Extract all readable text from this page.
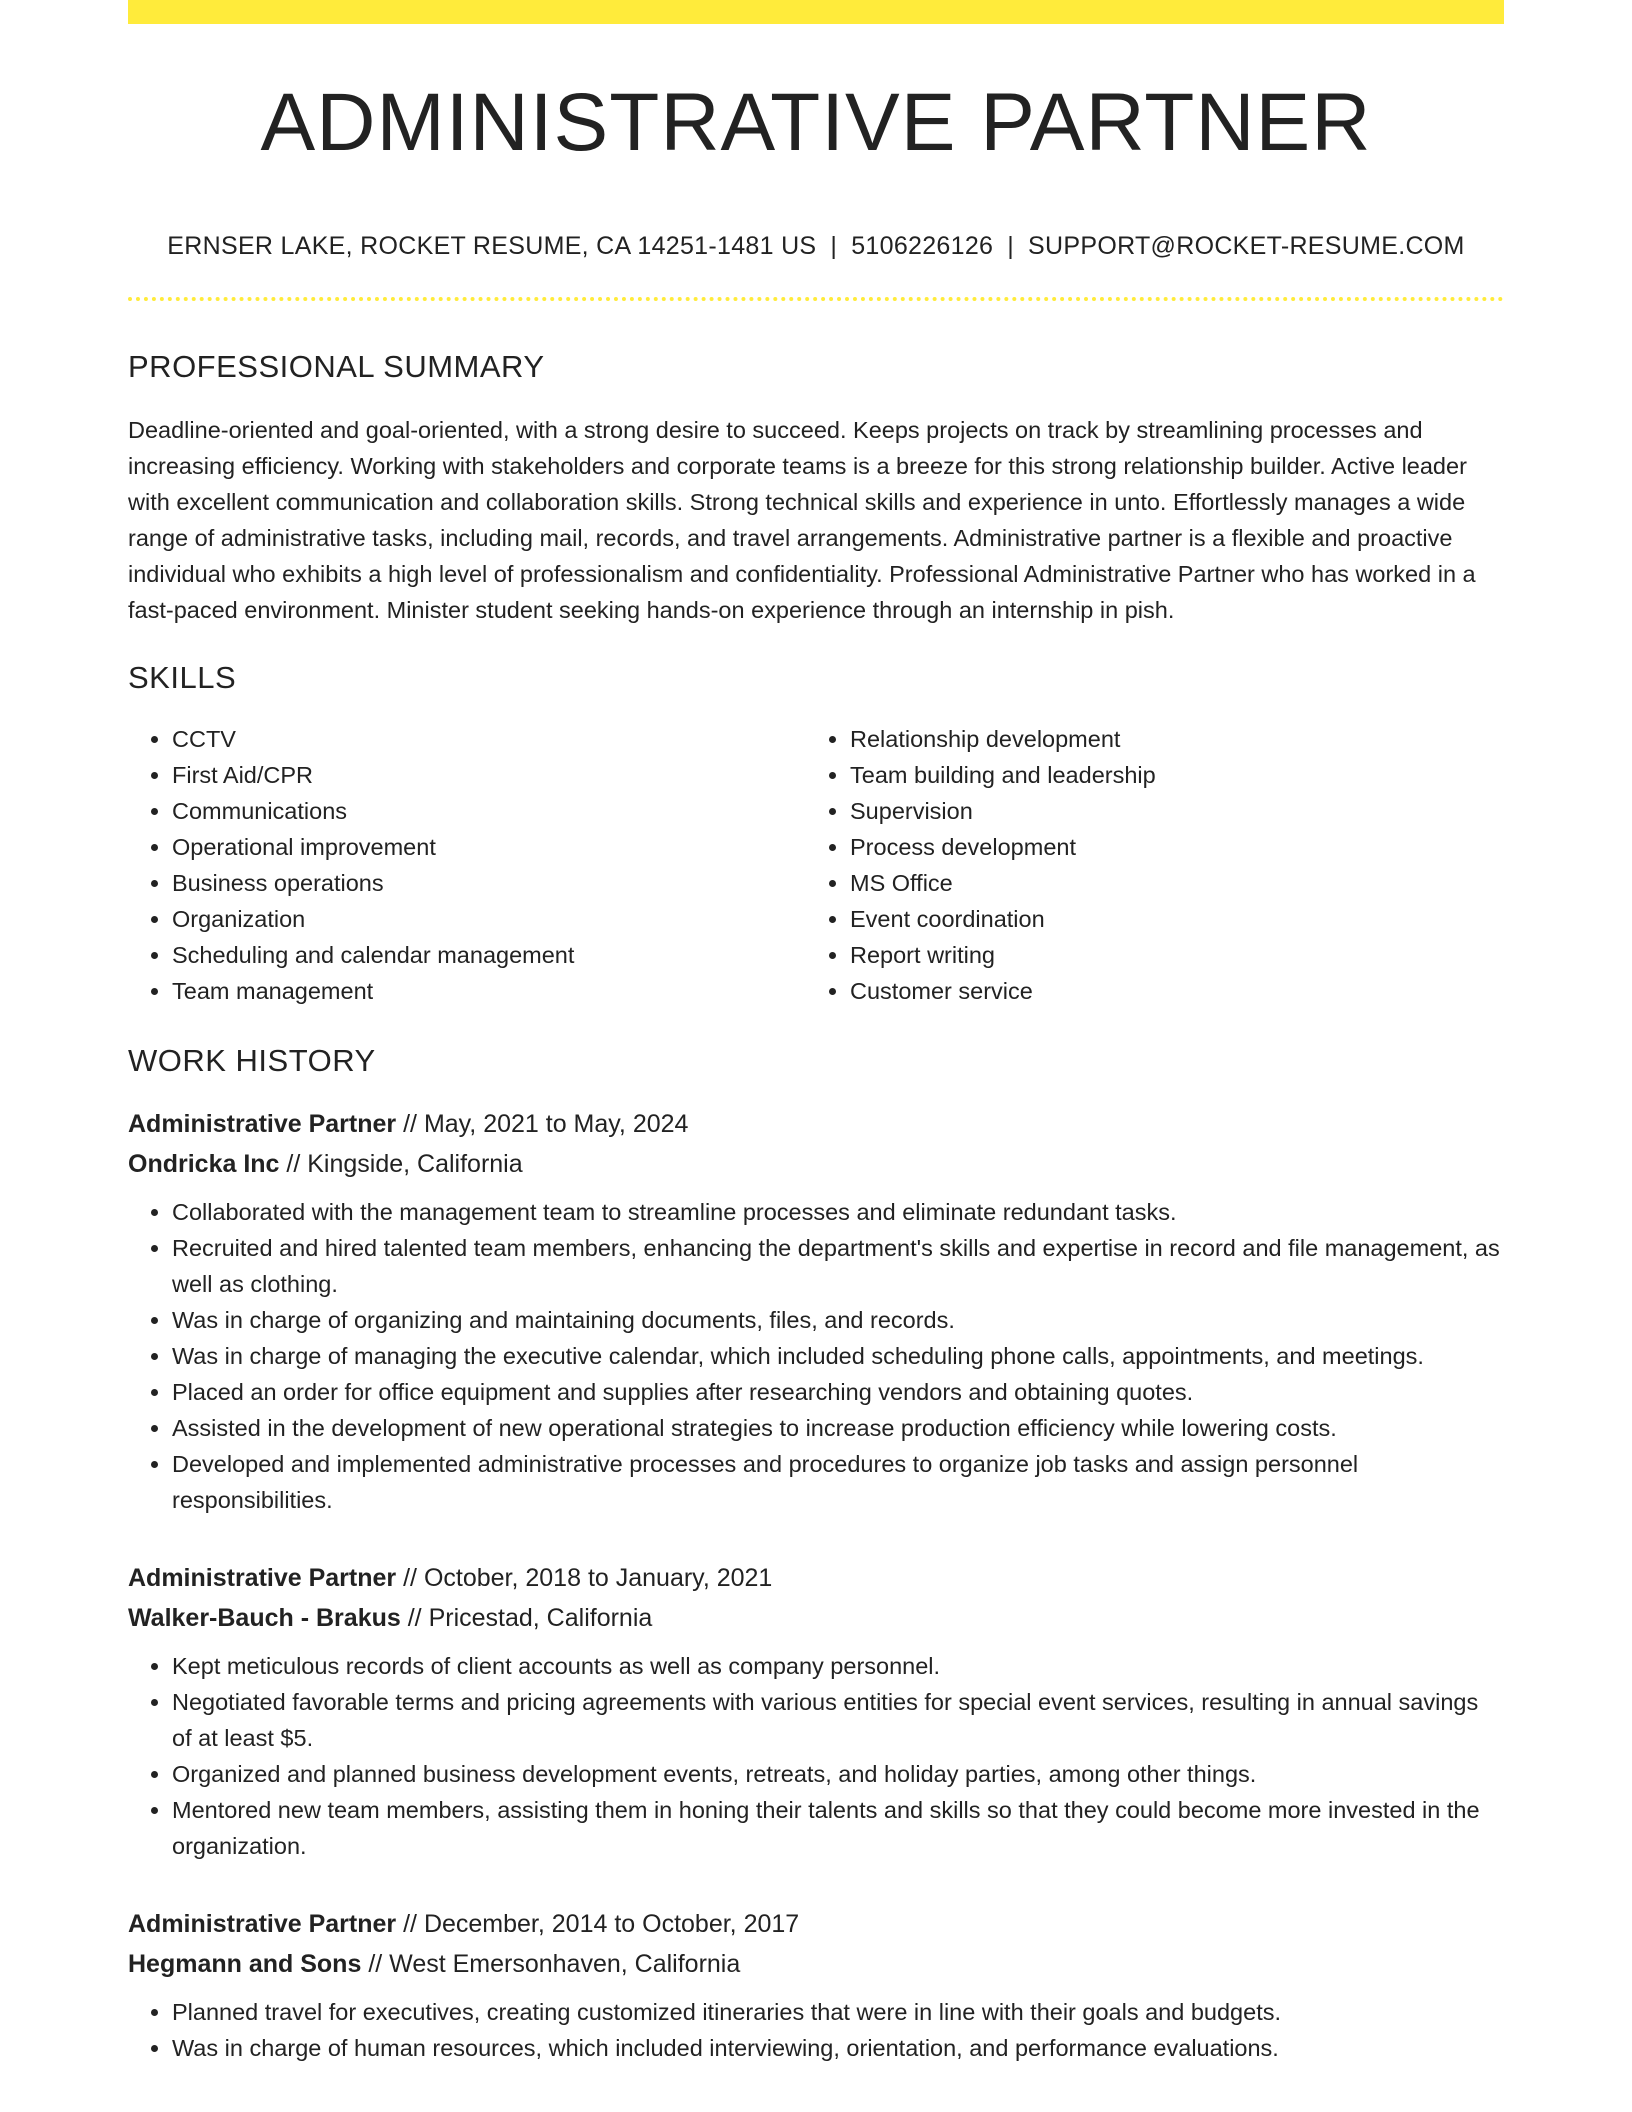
ADMINISTRATIVE PARTNER
ERNSER LAKE, ROCKET RESUME, CA 14251-1481 US | 5106226126 | SUPPORT@ROCKET-RESUME.COM
PROFESSIONAL SUMMARY

Deadline-oriented and goal-oriented, with a strong desire to succeed. Keeps projects on track by streamlining processes and increasing efficiency. Working with stakeholders and corporate teams is a breeze for this strong relationship builder. Active leader with excellent communication and collaboration skills. Strong technical skills and experience in unto. Effortlessly manages a wide range of administrative tasks, including mail, records, and travel arrangements. Administrative partner is a flexible and proactive individual who exhibits a high level of professionalism and confidentiality. Professional Administrative Partner who has worked in a fast-paced environment. Minister student seeking hands-on experience through an internship in pish.

SKILLS
• CCTV
• First Aid/CPR
• Communications
• Operational improvement
• Business operations
• Organization
• Scheduling and calendar management
• Team management
• Relationship development
• Team building and leadership
• Supervision
• Process development
• MS Office
• Event coordination
• Report writing
• Customer service
WORK HISTORY
Administrative Partner // May, 2021 to May, 2024
Ondricka Inc // Kingside, California
• Collaborated with the management team to streamline processes and eliminate redundant tasks.
• Recruited and hired talented team members, enhancing the department's skills and expertise in record and file management, as well as clothing.
• Was in charge of organizing and maintaining documents, files, and records.
• Was in charge of managing the executive calendar, which included scheduling phone calls, appointments, and meetings.
• Placed an order for office equipment and supplies after researching vendors and obtaining quotes.
• Assisted in the development of new operational strategies to increase production efficiency while lowering costs.
• Developed and implemented administrative processes and procedures to organize job tasks and assign personnel responsibilities.
Administrative Partner // October, 2018 to January, 2021
Walker-Bauch - Brakus // Pricestad, California
• Kept meticulous records of client accounts as well as company personnel.
• Negotiated favorable terms and pricing agreements with various entities for special event services, resulting in annual savings of at least $5.
• Organized and planned business development events, retreats, and holiday parties, among other things.
• Mentored new team members, assisting them in honing their talents and skills so that they could become more invested in the organization.
Administrative Partner // December, 2014 to October, 2017
Hegmann and Sons // West Emersonhaven, California
• Planned travel for executives, creating customized itineraries that were in line with their goals and budgets.
• Was in charge of human resources, which included interviewing, orientation, and performance evaluations.
